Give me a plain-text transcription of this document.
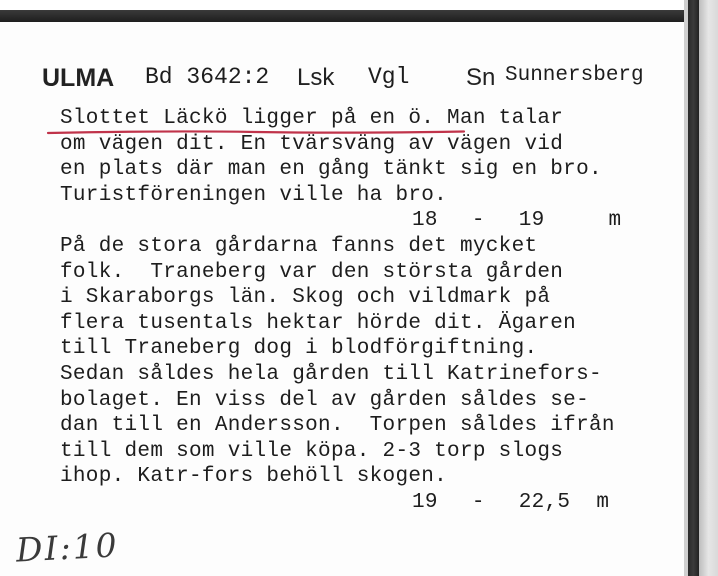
ULMA Bd 3642:2 Lsk Vgl Sn Sunnersberg
Slottet Läckö ligger på en ö. Man talar
om vägen dit. En tvärsväng av vägen vid
en plats där man en gång tänkt sig en bro.
Turistföreningen ville ha bro.
18 - 19	m
På de stora gårdarna fanns det mycket
folk.  Traneberg var den största gården
i Skaraborgs län. Skog och vildmark på
flera tusentals hektar hörde dit. Ägaren
till Traneberg dog i blodförgiftning.
Sedan såldes hela gården till Katrinefors-
bolaget. En viss del av gården såldes se-
dan till en Andersson.  Torpen såldes ifrån
till dem som ville köpa. 2-3 torp slogs
ihop. Katr-fors behöll skogen.
19 - 22,5 m
DI:10
